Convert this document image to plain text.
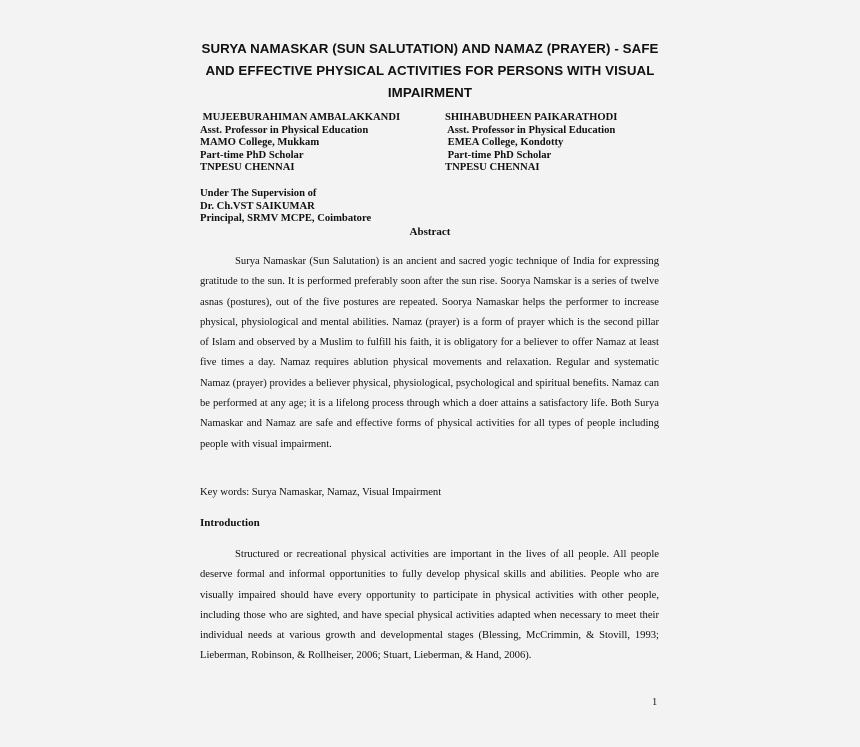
SURYA NAMASKAR (SUN SALUTATION) AND NAMAZ (PRAYER) - SAFE
AND EFFECTIVE PHYSICAL ACTIVITIES FOR PERSONS WITH VISUAL
IMPAIRMENT
MUJEEBURAHIMAN AMBALAKKANDI
Asst. Professor in Physical Education
MAMO College, Mukkam
Part-time PhD Scholar
TNPESU CHENNAI
SHIHABUDHEEN PAIKARATHODI
Asst. Professor in Physical Education
EMEA College, Kondotty
Part-time PhD Scholar
TNPESU CHENNAI
Under The Supervision of
Dr. Ch.VST SAIKUMAR
Principal, SRMV MCPE, Coimbatore
Abstract
Surya Namaskar (Sun Salutation) is an ancient and sacred yogic technique of India for expressing gratitude to the sun. It is performed preferably soon after the sun rise. Soorya Namskar is a series of twelve asnas (postures), out of the five postures are repeated. Soorya Namaskar helps the performer to increase physical, physiological and mental abilities. Namaz (prayer) is a form of prayer which is the second pillar of Islam and observed by a Muslim to fulfill his faith, it is obligatory for a believer to offer Namaz at least five times a day. Namaz requires ablution physical movements and relaxation. Regular and systematic Namaz (prayer) provides a believer physical, physiological, psychological and spiritual benefits. Namaz can be performed at any age; it is a lifelong process through which a doer attains a satisfactory life. Both Surya Namaskar and Namaz are safe and effective forms of physical activities for all types of people including people with visual impairment.
Key words: Surya Namaskar, Namaz, Visual Impairment
Introduction
Structured or recreational physical activities are important in the lives of all people. All people deserve formal and informal opportunities to fully develop physical skills and abilities. People who are visually impaired should have every opportunity to participate in physical activities with other people, including those who are sighted, and have special physical activities adapted when necessary to meet their individual needs at various growth and developmental stages (Blessing, McCrimmin, & Stovill, 1993; Lieberman, Robinson, & Rollheiser, 2006; Stuart, Lieberman, & Hand, 2006).
1
